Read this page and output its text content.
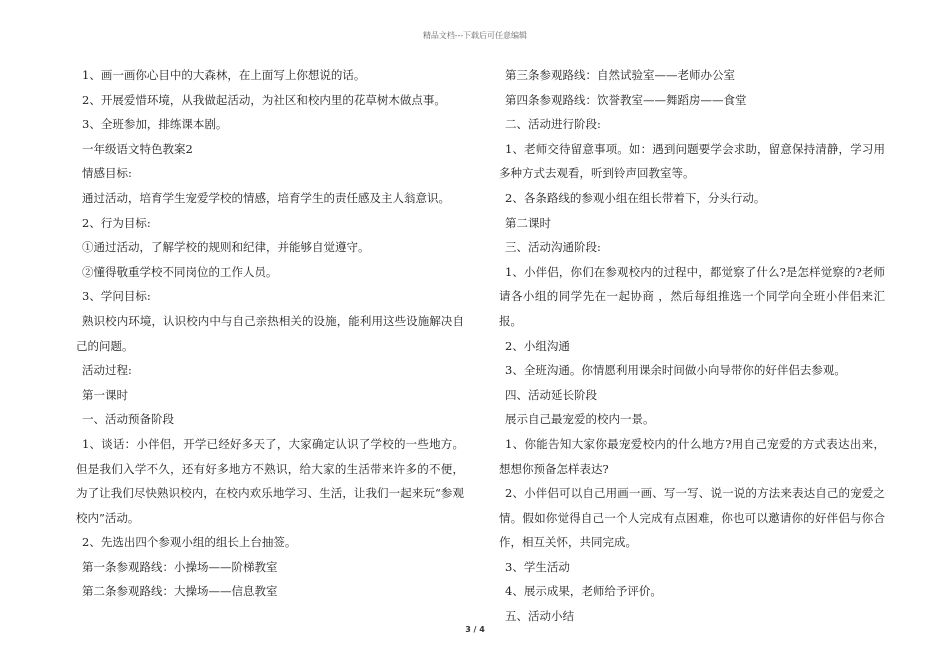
精品文档---下载后可任意编辑

1、画一画你心目中的大森林，在上面写上你想说的话。

2、开展爱惜环境，从我做起活动，为社区和校内里的花草树木做点事。

3、全班参加，排练课本剧。

一年级语文特色教案2

情感目标:

通过活动，培育学生宠爱学校的情感，培育学生的责任感及主人翁意识。

2、行为目标:

①通过活动，了解学校的规则和纪律，并能够自觉遵守。

②懂得敬重学校不同岗位的工作人员。

3、学问目标:

熟识校内环境，认识校内中与自己亲热相关的设施，能利用这些设施解决自己的问题。

活动过程:

第一课时

一、活动预备阶段

1、谈话：小伴侣，开学已经好多天了，大家确定认识了学校的一些地方。但是我们入学不久，还有好多地方不熟识，给大家的生活带来许多的不便，为了让我们尽快熟识校内，在校内欢乐地学习、生活，让我们一起来玩“参观校内”活动。

2、先选出四个参观小组的组长上台抽签。

第一条参观路线：小操场——阶梯教室

第二条参观路线：大操场——信息教室

第三条参观路线：自然试验室——老师办公室

第四条参观路线：饮誉教室——舞蹈房——食堂

二、活动进行阶段:

1、老师交待留意事项。如：遇到问题要学会求助，留意保持清静，学习用多种方式去观看，听到铃声回教室等。

2、各条路线的参观小组在组长带着下，分头行动。

第二课时

三、活动沟通阶段:

1、小伴侣，你们在参观校内的过程中，都觉察了什么?是怎样觉察的?老师请各小组的同学先在一起协商 ，然后每组推选一个同学向全班小伴侣来汇报。

2、小组沟通

3、全班沟通。你情愿利用课余时间做小向导带你的好伴侣去参观。

四、活动延长阶段

展示自己最宠爱的校内一景。

1、你能告知大家你最宠爱校内的什么地方?用自己宠爱的方式表达出来，想想你预备怎样表达?

2、小伴侣可以自己用画一画、写一写、说一说的方法来表达自己的宠爱之情。假如你觉得自己一个人完成有点困难，你也可以邀请你的好伴侣与你合作，相互关怀，共同完成。

3、学生活动

4、展示成果，老师给予评价。

五、活动小结

3 / 4
